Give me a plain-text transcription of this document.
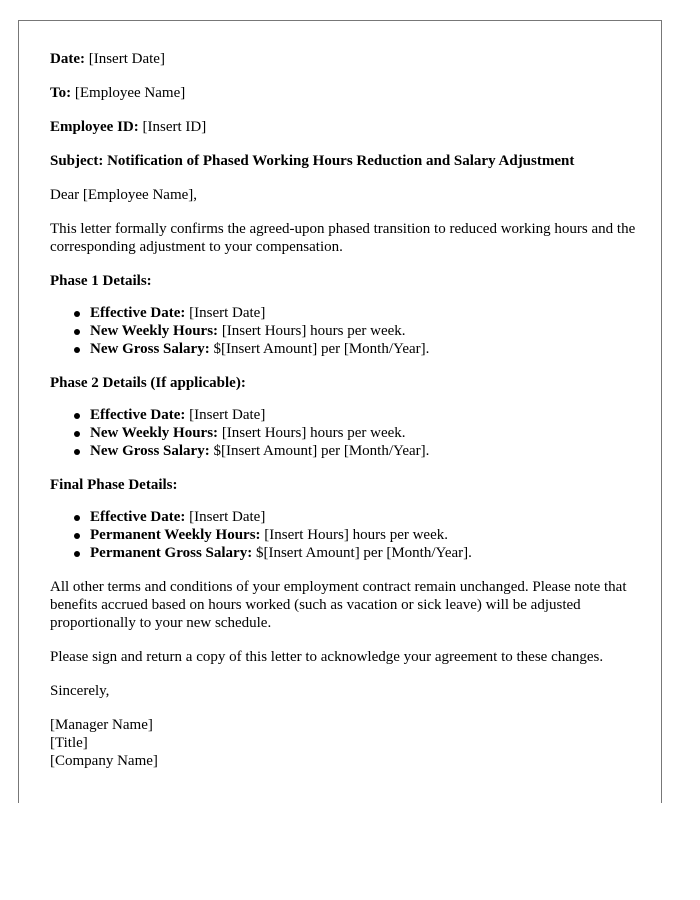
Date: [Insert Date]

To: [Employee Name]

Employee ID: [Insert ID]

Subject: Notification of Phased Working Hours Reduction and Salary Adjustment

Dear [Employee Name],

This letter formally confirms the agreed-upon phased transition to reduced working hours and the corresponding adjustment to your compensation.

Phase 1 Details:

Effective Date: [Insert Date]
New Weekly Hours: [Insert Hours] hours per week.
New Gross Salary: $[Insert Amount] per [Month/Year].

Phase 2 Details (If applicable):

Effective Date: [Insert Date]
New Weekly Hours: [Insert Hours] hours per week.
New Gross Salary: $[Insert Amount] per [Month/Year].

Final Phase Details:

Effective Date: [Insert Date]
Permanent Weekly Hours: [Insert Hours] hours per week.
Permanent Gross Salary: $[Insert Amount] per [Month/Year].

All other terms and conditions of your employment contract remain unchanged. Please note that benefits accrued based on hours worked (such as vacation or sick leave) will be adjusted proportionally to your new schedule.

Please sign and return a copy of this letter to acknowledge your agreement to these changes.

Sincerely,

[Manager Name]

[Title]

[Company Name]
